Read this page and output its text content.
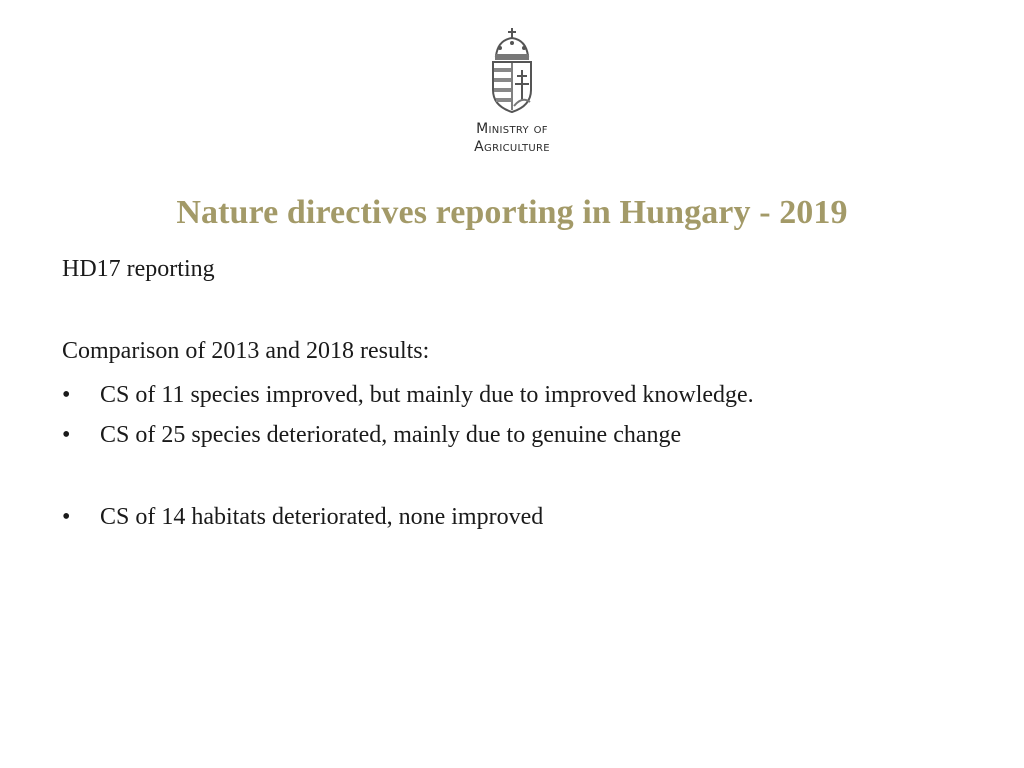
Ministry of
Agriculture
Nature directives reporting in Hungary - 2019
HD17 reporting
Comparison of 2013 and 2018 results:
• CS of 11 species improved, but mainly due to improved knowledge.
• CS of 25 species deteriorated, mainly due to genuine change
• CS of 14 habitats deteriorated, none improved
